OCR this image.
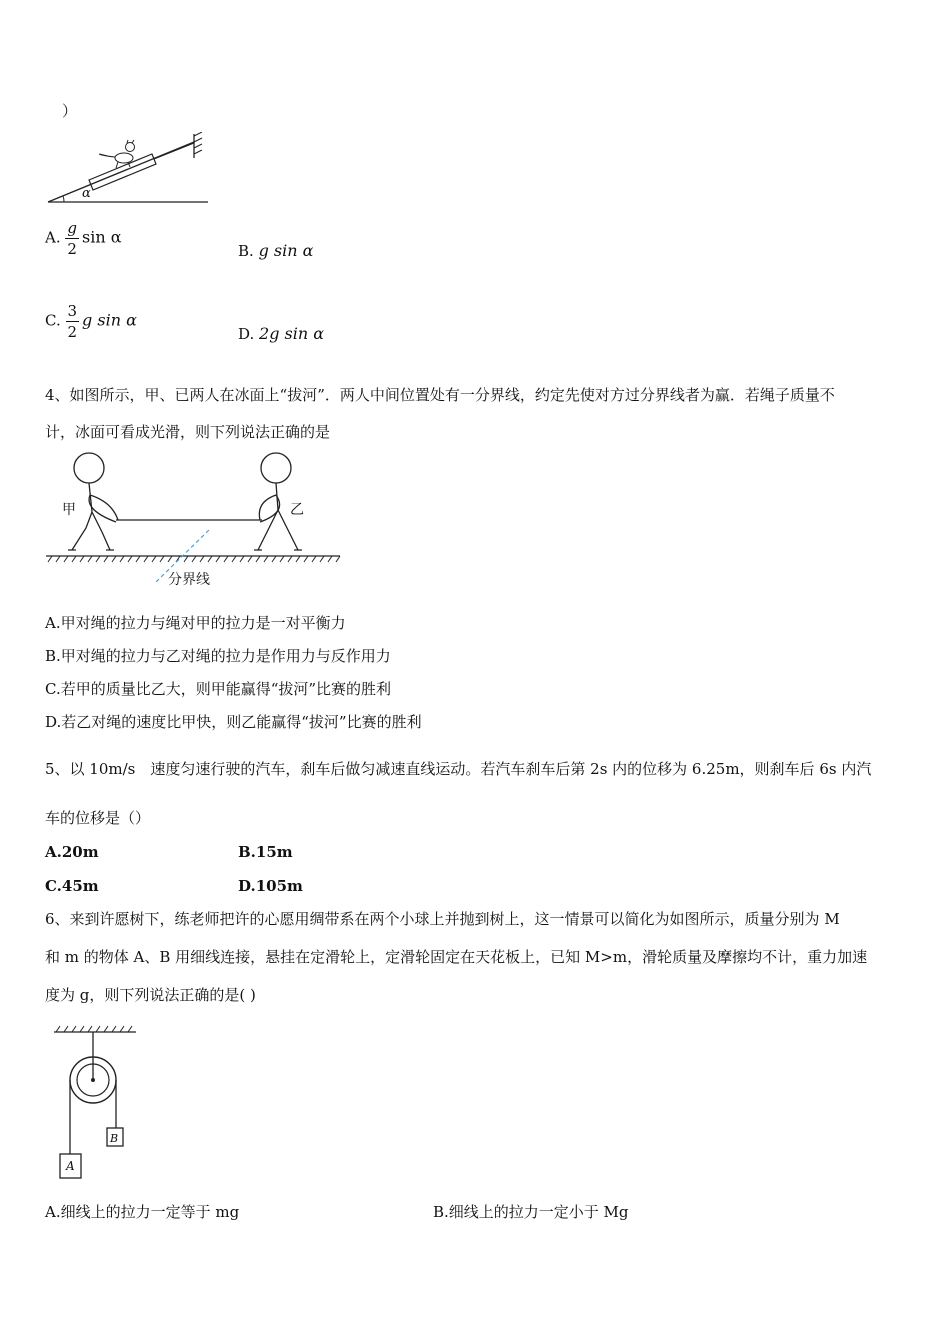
）
α
A. $\frac{g}{2}$ sin α
B. g sin α
C. $\frac{3}{2}$ g sin α
D. 2g sin α
4、如图所示，甲、已两人在冰面上“拔河”．两人中间位置处有一分界线，约定先使对方过分界线者为赢．若绳子质量不
计，冰面可看成光滑，则下列说法正确的是
甲	乙
分界线
A.甲对绳的拉力与绳对甲的拉力是一对平衡力
B.甲对绳的拉力与乙对绳的拉力是作用力与反作用力
C.若甲的质量比乙大，则甲能赢得“拔河”比赛的胜利
D.若乙对绳的速度比甲快，则乙能赢得“拔河”比赛的胜利
5、以 10m/s　速度匀速行驶的汽车，刹车后做匀减速直线运动。若汽车刹车后第 2s 内的位移为 6.25m，则刹车后 6s 内汽
车的位移是（）
A.20m	B.15m
C.45m	D.105m
6、来到许愿树下，练老师把许的心愿用绸带系在两个小球上并抛到树上，这一情景可以简化为如图所示，质量分别为 M
和 m 的物体 A、B 用细线连接，悬挂在定滑轮上，定滑轮固定在天花板上，已知 M>m，滑轮质量及摩擦均不计，重力加速
度为 g，则下列说法正确的是( )
A
B
A.细线上的拉力一定等于 mg	B.细线上的拉力一定小于 Mg
